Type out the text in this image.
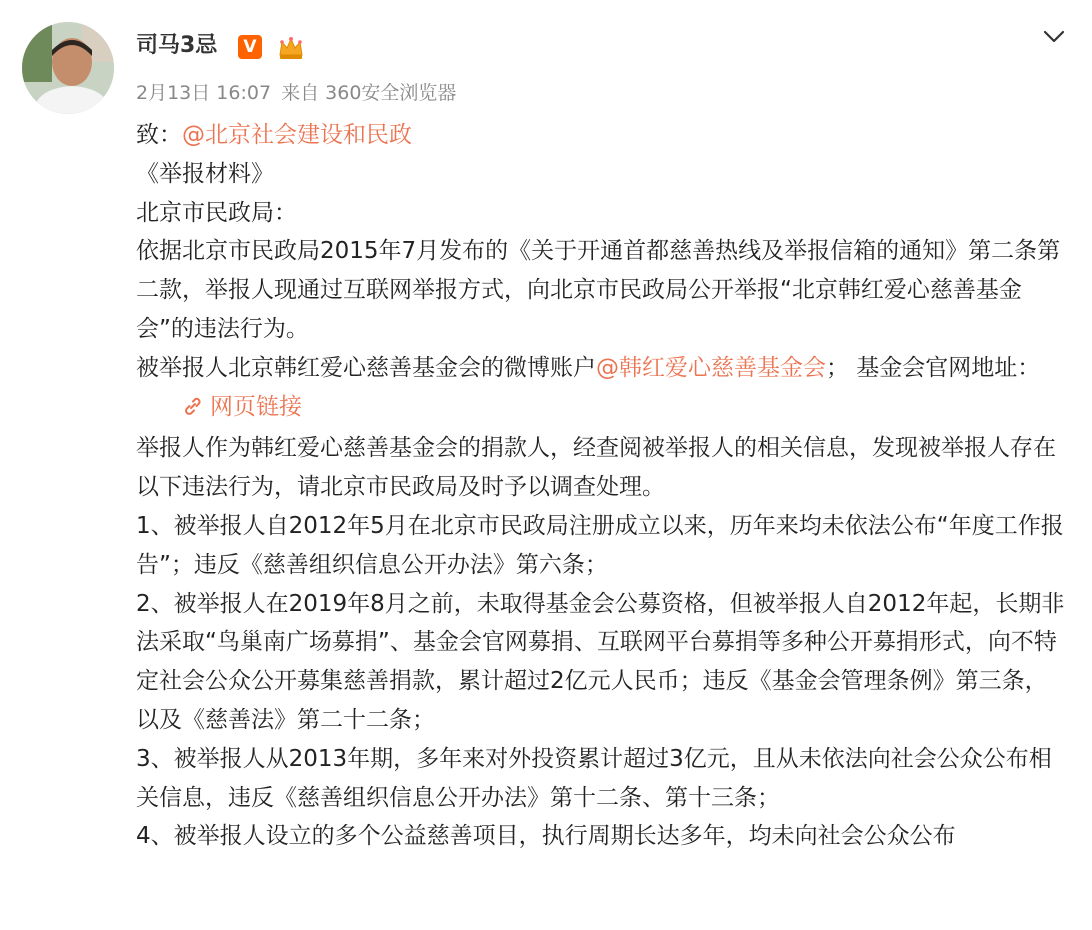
司马3忌	V
2月13日 16:07 来自 360安全浏览器

致：@北京社会建设和民政

《举报材料》

北京市民政局：

依据北京市民政局2015年7月发布的《关于开通首都慈善热线及举报信箱的通知》第二条第二款，举报人现通过互联网举报方式，向北京市民政局公开举报“北京韩红爱心慈善基金会”的违法行为。

被举报人北京韩红爱心慈善基金会的微博账户@韩红爱心慈善基金会； 基金会官网地址：网页链接

举报人作为韩红爱心慈善基金会的捐款人，经查阅被举报人的相关信息，发现被举报人存在以下违法行为，请北京市民政局及时予以调查处理。

1、被举报人自2012年5月在北京市民政局注册成立以来，历年来均未依法公布“年度工作报告”；违反《慈善组织信息公开办法》第六条；

2、被举报人在2019年8月之前，未取得基金会公募资格，但被举报人自2012年起，长期非法采取“鸟巢南广场募捐”、基金会官网募捐、互联网平台募捐等多种公开募捐形式，向不特定社会公众公开募集慈善捐款，累计超过2亿元人民币；违反《基金会管理条例》第三条，以及《慈善法》第二十二条；

3、被举报人从2013年期，多年来对外投资累计超过3亿元，且从未依法向社会公众公布相关信息，违反《慈善组织信息公开办法》第十二条、第十三条；

4、被举报人设立的多个公益慈善项目，执行周期长达多年，均未向社会公众公布
